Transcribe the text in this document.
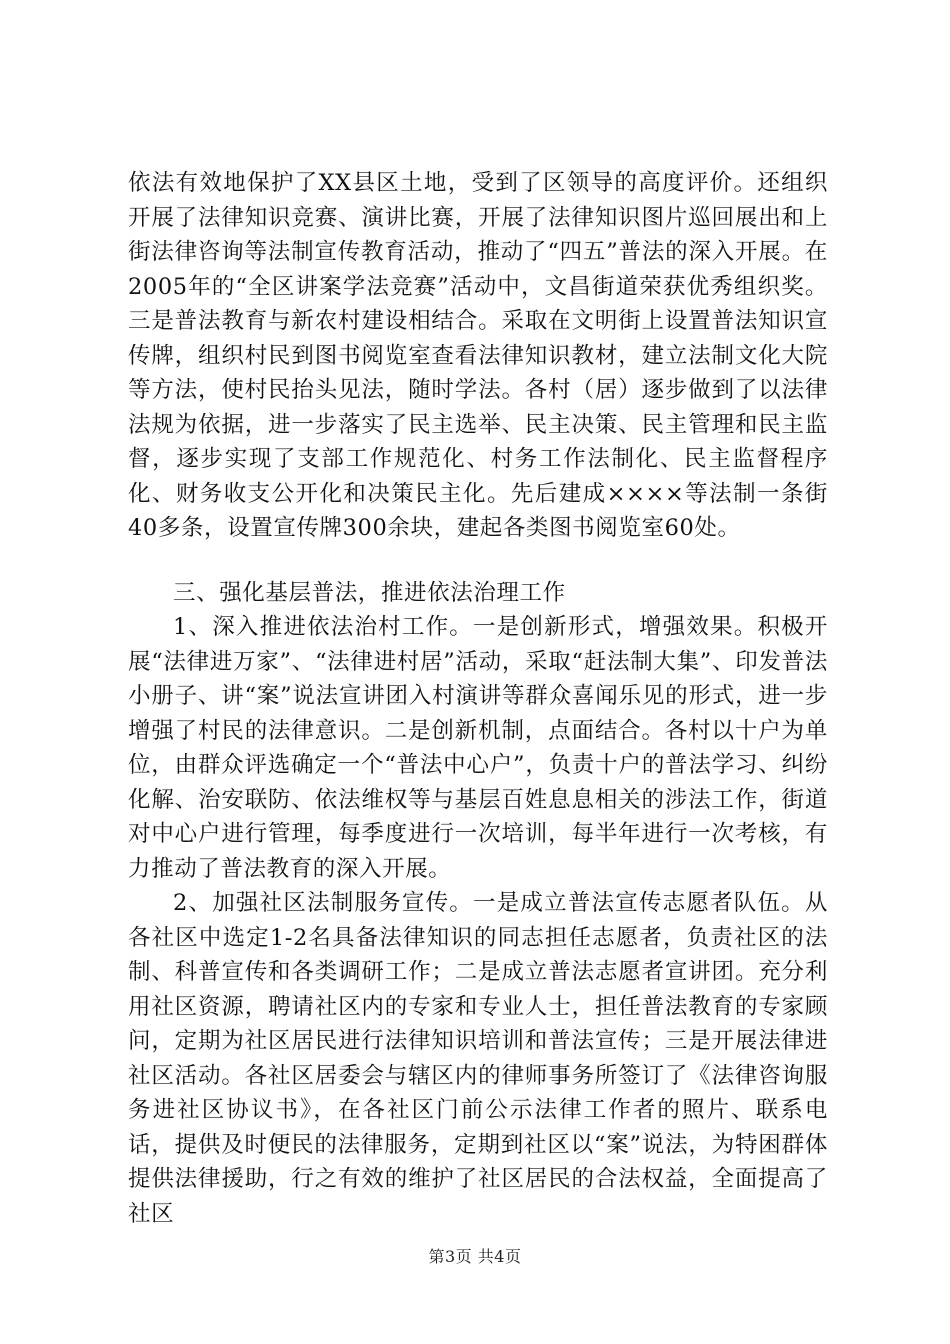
依法有效地保护了XX县区土地，受到了区领导的高度评价。还组织开展了法律知识竞赛、演讲比赛，开展了法律知识图片巡回展出和上街法律咨询等法制宣传教育活动，推动了“四五”普法的深入开展。在2005年的“全区讲案学法竞赛”活动中，文昌街道荣获优秀组织奖。三是普法教育与新农村建设相结合。采取在文明街上设置普法知识宣传牌，组织村民到图书阅览室查看法律知识教材，建立法制文化大院等方法，使村民抬头见法，随时学法。各村（居）逐步做到了以法律法规为依据，进一步落实了民主选举、民主决策、民主管理和民主监督，逐步实现了支部工作规范化、村务工作法制化、民主监督程序化、财务收支公开化和决策民主化。先后建成××××等法制一条街40多条，设置宣传牌300余块，建起各类图书阅览室60处。

三、强化基层普法，推进依法治理工作

1、深入推进依法治村工作。一是创新形式，增强效果。积极开展“法律进万家”、“法律进村居”活动，采取“赶法制大集”、印发普法小册子、讲“案”说法宣讲团入村演讲等群众喜闻乐见的形式，进一步增强了村民的法律意识。二是创新机制，点面结合。各村以十户为单位，由群众评选确定一个“普法中心户”，负责十户的普法学习、纠纷化解、治安联防、依法维权等与基层百姓息息相关的涉法工作，街道对中心户进行管理，每季度进行一次培训，每半年进行一次考核，有力推动了普法教育的深入开展。

2、加强社区法制服务宣传。一是成立普法宣传志愿者队伍。从各社区中选定1-2名具备法律知识的同志担任志愿者，负责社区的法制、科普宣传和各类调研工作；二是成立普法志愿者宣讲团。充分利用社区资源，聘请社区内的专家和专业人士，担任普法教育的专家顾问，定期为社区居民进行法律知识培训和普法宣传；三是开展法律进社区活动。各社区居委会与辖区内的律师事务所签订了《法律咨询服务进社区协议书》，在各社区门前公示法律工作者的照片、联系电话，提供及时便民的法律服务，定期到社区以“案”说法，为特困群体提供法律援助，行之有效的维护了社区居民的合法权益，全面提高了社区

第3页 共4页
